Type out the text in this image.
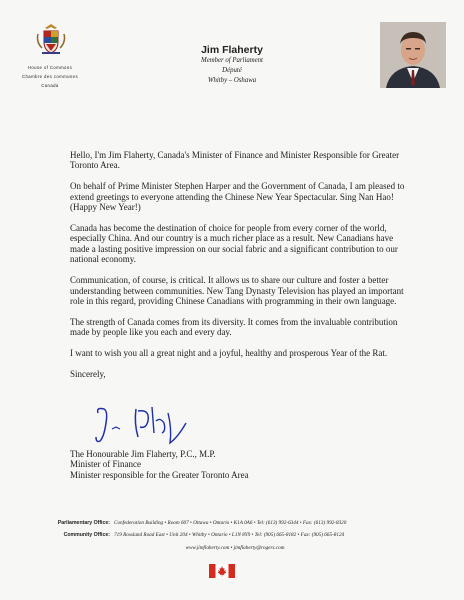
House of Commons
Chambre des communes
Canada
Jim Flaherty
Member of Parliament
Député
Whitby – Oshawa

Hello, I'm Jim Flaherty, Canada's Minister of Finance and Minister Responsible for Greater Toronto Area.

On behalf of Prime Minister Stephen Harper and the Government of Canada, I am pleased to extend greetings to everyone attending the Chinese New Year Spectacular. Sing Nan Hao! (Happy New Year!)

Canada has become the destination of choice for people from every corner of the world, especially China. And our country is a much richer place as a result. New Canadians have made a lasting positive impression on our social fabric and a significant contribution to our national economy.

Communication, of course, is critical. It allows us to share our culture and foster a better understanding between communities. New Tang Dynasty Television has played an important role in this regard, providing Chinese Canadians with programming in their own language.

The strength of Canada comes from its diversity. It comes from the invaluable contribution made by people like you each and every day.

I want to wish you all a great night and a joyful, healthy and prosperous Year of the Rat.

Sincerely,

The Honourable Jim Flaherty, P.C., M.P.
Minister of Finance
Minister responsible for the Greater Toronto Area
Parliamentary Office: Confederation Building • Room 607 • Ottawa • Ontario • K1A 0A6 • Tel: (613) 992-6344 • Fax: (613) 992-8320
Community Office: 719 Rossland Road East • Unit 204 • Whitby • Ontario • L1N 8Y9 • Tel: (905) 665-8182 • Fax: (905) 665-8124
www.jimflaherty.com • jimflaherty@rogers.com
